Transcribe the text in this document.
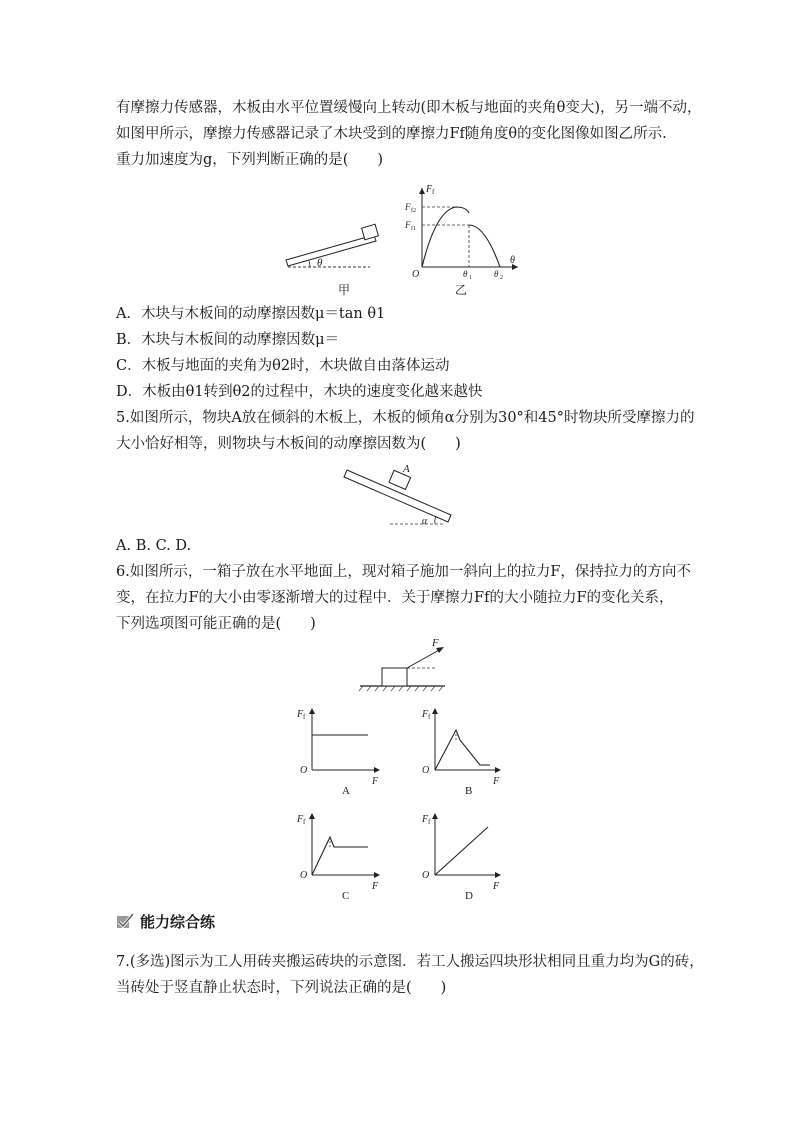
有摩擦力传感器，木板由水平位置缓慢向上转动(即木板与地面的夹角θ变大)，另一端不动，
如图甲所示，摩擦力传感器记录了木块受到的摩擦力Ff随角度θ的变化图像如图乙所示.
重力加速度为g，下列判断正确的是(　　)
θ
甲
F f
θ
O
F f2
F f1
θ 1 θ 2
乙
A．木块与木板间的动摩擦因数μ＝tan θ1
B．木块与木板间的动摩擦因数μ＝
C．木板与地面的夹角为θ2时，木块做自由落体运动
D．木板由θ1转到θ2的过程中，木块的速度变化越来越快
5.如图所示，物块A放在倾斜的木板上，木板的倾角α分别为30°和45°时物块所受摩擦力的
大小恰好相等，则物块与木板间的动摩擦因数为(　　)
A
α
A. B. C. D.
6.如图所示，一箱子放在水平地面上，现对箱子施加一斜向上的拉力F，保持拉力的方向不
变，在拉力F的大小由零逐渐增大的过程中．关于摩擦力Ff的大小随拉力F的变化关系，
下列选项图可能正确的是(　　)
F
F f
O
F
A
F f
O
F
B
F f
O
F
C
F f
O
F
D
能力综合练
7.(多选)图示为工人用砖夹搬运砖块的示意图．若工人搬运四块形状相同且重力均为G的砖，
当砖处于竖直静止状态时，下列说法正确的是(　　)
